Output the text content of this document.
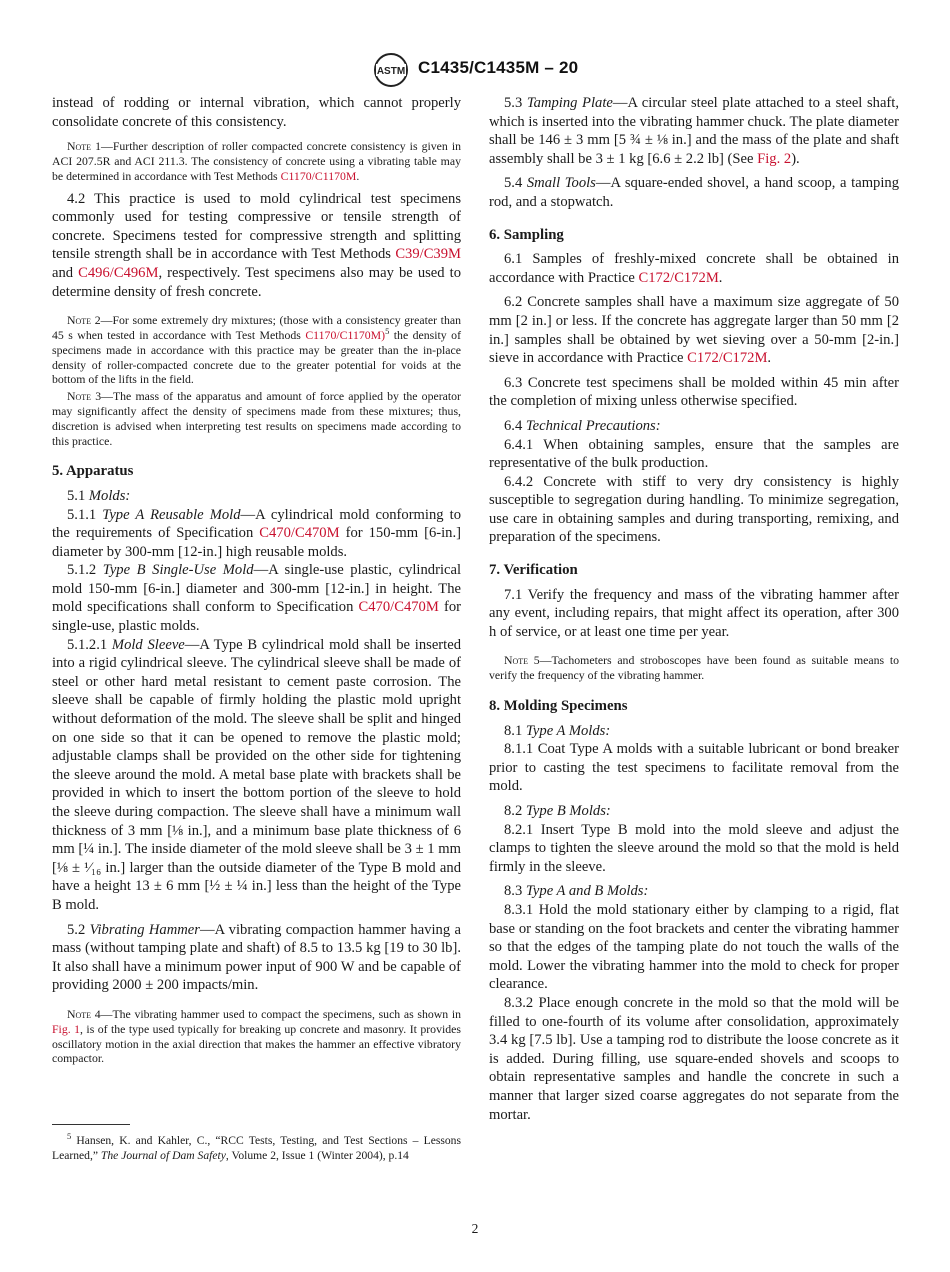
ASTM C1435/C1435M – 20

instead of rodding or internal vibration, which cannot properly consolidate concrete of this consistency.

Note 1—Further description of roller compacted concrete consistency is given in ACI 207.5R and ACI 211.3. The consistency of concrete using a vibrating table may be determined in accordance with Test Methods C1170/C1170M.

4.2 This practice is used to mold cylindrical test specimens commonly used for testing compressive or tensile strength of concrete. Specimens tested for compressive strength and splitting tensile strength shall be in accordance with Test Methods C39/C39M and C496/C496M, respectively. Test specimens also may be used to determine density of fresh concrete.

Note 2—For some extremely dry mixtures; (those with a consistency greater than 45 s when tested in accordance with Test Methods C1170/C1170M)$^5$ the density of specimens made in accordance with this practice may be greater than the in-place density of roller-compacted concrete due to the greater potential for voids at the bottom of the lifts in the field.

Note 3—The mass of the apparatus and amount of force applied by the operator may significantly affect the density of specimens made from these mixtures; thus, discretion is advised when interpreting test results on specimens made according to this practice.

5. Apparatus

5.1 Molds:

5.1.1 Type A Reusable Mold—A cylindrical mold conforming to the requirements of Specification C470/C470M for 150-mm [6-in.] diameter by 300-mm [12-in.] high reusable molds.

5.1.2 Type B Single-Use Mold—A single-use plastic, cylindrical mold 150-mm [6-in.] diameter and 300-mm [12-in.] in height. The mold specifications shall conform to Specification C470/C470M for single-use, plastic molds.

5.1.2.1 Mold Sleeve—A Type B cylindrical mold shall be inserted into a rigid cylindrical sleeve. The cylindrical sleeve shall be made of steel or other hard metal resistant to cement paste corrosion. The sleeve shall be capable of firmly holding the plastic mold upright without deformation of the mold. The sleeve shall be split and hinged on one side so that it can be opened to remove the plastic mold; adjustable clamps shall be provided on the other side for tightening the sleeve around the mold. A metal base plate with brackets shall be provided in which to insert the bottom portion of the sleeve to hold the sleeve during compaction. The sleeve shall have a minimum wall thickness of 3 mm [⅛ in.], and a minimum base plate thickness of 6 mm [¼ in.]. The inside diameter of the mold sleeve shall be 3 ± 1 mm [⅛ ± ¹⁄₁₆ in.] larger than the outside diameter of the Type B mold and have a height 13 ± 6 mm [½ ± ¼ in.] less than the height of the Type B mold.

5.2 Vibrating Hammer—A vibrating compaction hammer having a mass (without tamping plate and shaft) of 8.5 to 13.5 kg [19 to 30 lb]. It also shall have a minimum power input of 900 W and be capable of providing 2000 ± 200 impacts/min.

Note 4—The vibrating hammer used to compact the specimens, such as shown in Fig. 1, is of the type used typically for breaking up concrete and masonry. It provides oscillatory motion in the axial direction that makes the hammer an effective vibratory compactor.

$^5$ Hansen, K. and Kahler, C., “RCC Tests, Testing, and Test Sections – Lessons Learned,” The Journal of Dam Safety, Volume 2, Issue 1 (Winter 2004), p.14

5.3 Tamping Plate—A circular steel plate attached to a steel shaft, which is inserted into the vibrating hammer chuck. The plate diameter shall be 146 ± 3 mm [5 ¾ ± ⅛ in.] and the mass of the plate and shaft assembly shall be 3 ± 1 kg [6.6 ± 2.2 lb] (See Fig. 2).

5.4 Small Tools—A square-ended shovel, a hand scoop, a tamping rod, and a stopwatch.

6. Sampling

6.1 Samples of freshly-mixed concrete shall be obtained in accordance with Practice C172/C172M.

6.2 Concrete samples shall have a maximum size aggregate of 50 mm [2 in.] or less. If the concrete has aggregate larger than 50 mm [2 in.] samples shall be obtained by wet sieving over a 50-mm [2-in.] sieve in accordance with Practice C172/C172M.

6.3 Concrete test specimens shall be molded within 45 min after the completion of mixing unless otherwise specified.

6.4 Technical Precautions:

6.4.1 When obtaining samples, ensure that the samples are representative of the bulk production.

6.4.2 Concrete with stiff to very dry consistency is highly susceptible to segregation during handling. To minimize segregation, use care in obtaining samples and during transporting, remixing, and preparation of the specimens.

7. Verification

7.1 Verify the frequency and mass of the vibrating hammer after any event, including repairs, that might affect its operation, after 300 h of service, or at least one time per year.

Note 5—Tachometers and stroboscopes have been found as suitable means to verify the frequency of the vibrating hammer.

8. Molding Specimens

8.1 Type A Molds:

8.1.1 Coat Type A molds with a suitable lubricant or bond breaker prior to casting the test specimens to facilitate removal from the mold.

8.2 Type B Molds:

8.2.1 Insert Type B mold into the mold sleeve and adjust the clamps to tighten the sleeve around the mold so that the mold is held firmly in the sleeve.

8.3 Type A and B Molds:

8.3.1 Hold the mold stationary either by clamping to a rigid, flat base or standing on the foot brackets and center the vibrating hammer so that the edges of the tamping plate do not touch the walls of the mold. Lower the vibrating hammer into the mold to check for proper clearance.

8.3.2 Place enough concrete in the mold so that the mold will be filled to one-fourth of its volume after consolidation, approximately 3.4 kg [7.5 lb]. Use a tamping rod to distribute the loose concrete as it is added. During filling, use square-ended shovels and scoops to obtain representative samples and handle the concrete in such a manner that larger sized coarse aggregates do not separate from the mortar.

2
